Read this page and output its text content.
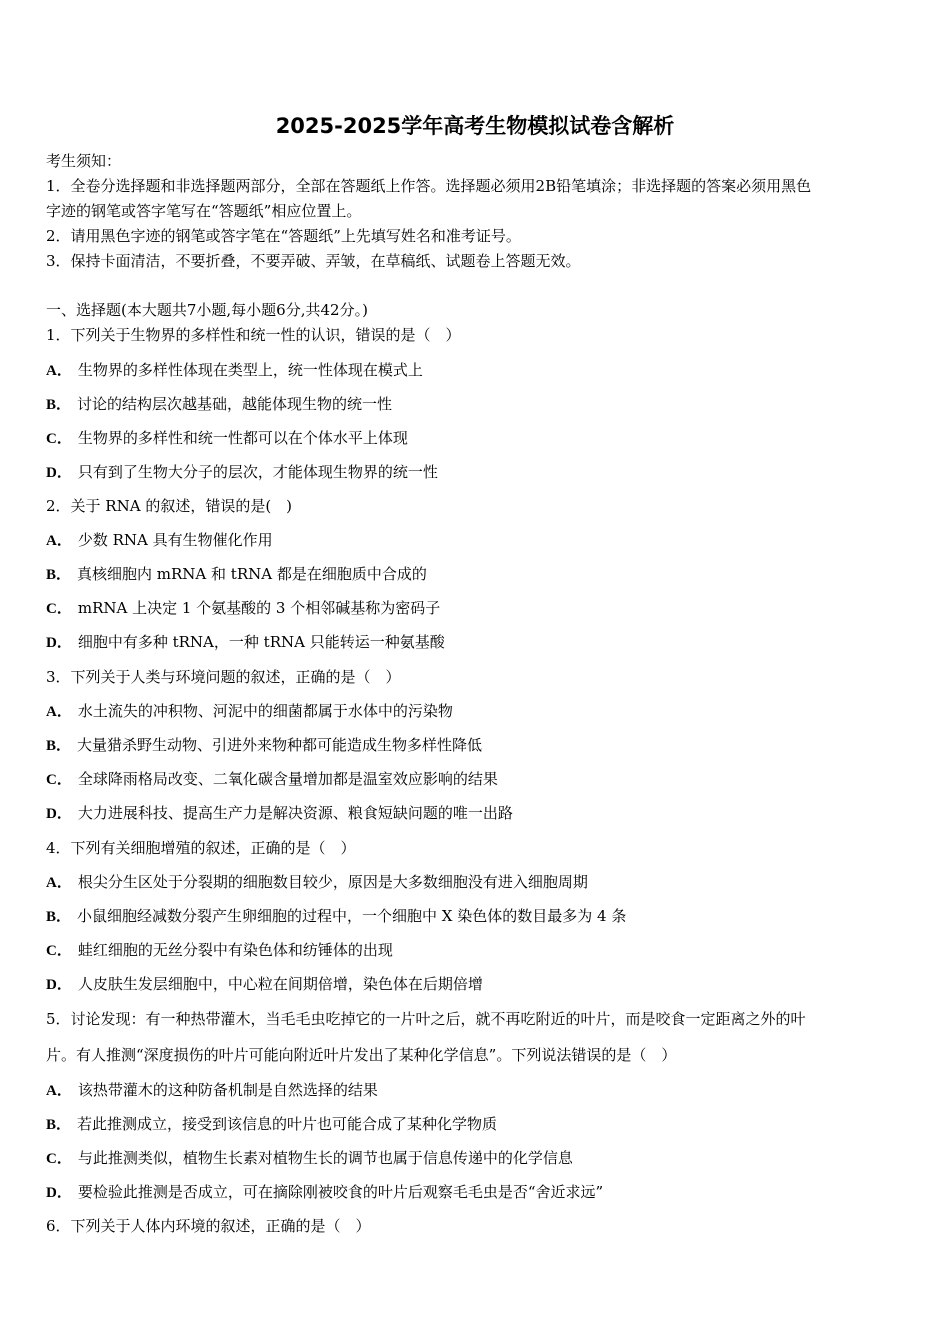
2025-2025学年高考生物模拟试卷含解析
考生须知：
1．全卷分选择题和非选择题两部分，全部在答题纸上作答。选择题必须用2B铅笔填涂；非选择题的答案必须用黑色
字迹的钢笔或答字笔写在“答题纸”相应位置上。
2．请用黑色字迹的钢笔或答字笔在“答题纸”上先填写姓名和准考证号。
3．保持卡面清洁，不要折叠，不要弄破、弄皱，在草稿纸、试题卷上答题无效。
一、选择题(本大题共7小题,每小题6分,共42分。)
1．下列关于生物界的多样性和统一性的认识，错误的是（　）
A． 生物界的多样性体现在类型上，统一性体现在模式上
B． 讨论的结构层次越基础，越能体现生物的统一性
C． 生物界的多样性和统一性都可以在个体水平上体现
D． 只有到了生物大分子的层次，才能体现生物界的统一性
2．关于 RNA 的叙述，错误的是(　)
A． 少数 RNA 具有生物催化作用
B． 真核细胞内 mRNA 和 tRNA 都是在细胞质中合成的
C． mRNA 上决定 1 个氨基酸的 3 个相邻碱基称为密码子
D． 细胞中有多种 tRNA，一种 tRNA 只能转运一种氨基酸
3．下列关于人类与环境问题的叙述，正确的是（　）
A． 水土流失的冲积物、河泥中的细菌都属于水体中的污染物
B． 大量猎杀野生动物、引进外来物种都可能造成生物多样性降低
C． 全球降雨格局改变、二氧化碳含量增加都是温室效应影响的结果
D． 大力进展科技、提高生产力是解决资源、粮食短缺问题的唯一出路
4．下列有关细胞增殖的叙述，正确的是（　）
A． 根尖分生区处于分裂期的细胞数目较少，原因是大多数细胞没有进入细胞周期
B． 小鼠细胞经减数分裂产生卵细胞的过程中，一个细胞中 X 染色体的数目最多为 4 条
C． 蛙红细胞的无丝分裂中有染色体和纺锤体的出现
D． 人皮肤生发层细胞中，中心粒在间期倍增，染色体在后期倍增
5．讨论发现：有一种热带灌木，当毛毛虫吃掉它的一片叶之后，就不再吃附近的叶片，而是咬食一定距离之外的叶
片。有人推测“深度损伤的叶片可能向附近叶片发出了某种化学信息”。下列说法错误的是（　）
A． 该热带灌木的这种防备机制是自然选择的结果
B． 若此推测成立，接受到该信息的叶片也可能合成了某种化学物质
C． 与此推测类似，植物生长素对植物生长的调节也属于信息传递中的化学信息
D． 要检验此推测是否成立，可在摘除刚被咬食的叶片后观察毛毛虫是否“舍近求远”
6．下列关于人体内环境的叙述，正确的是（　）
